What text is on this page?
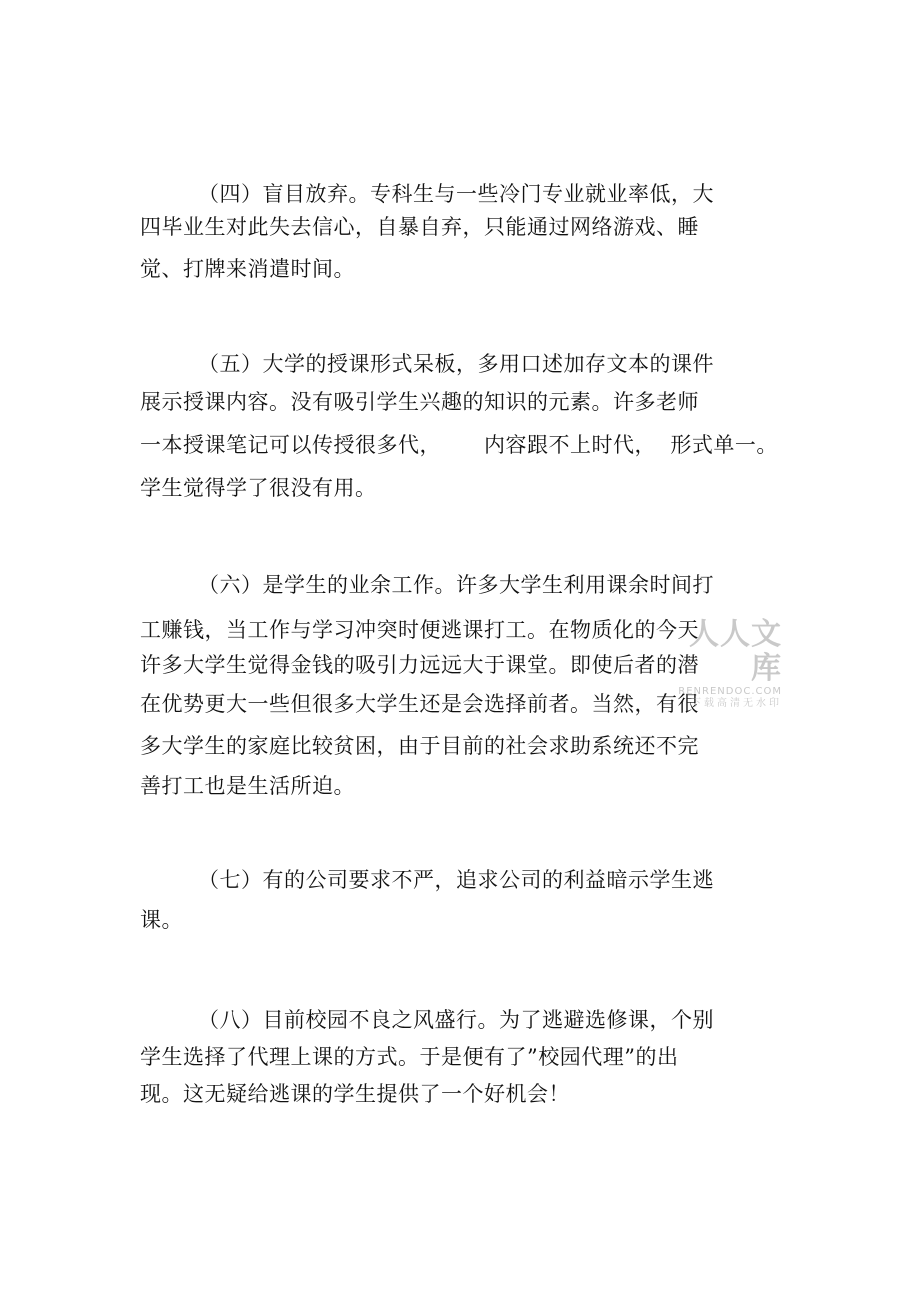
（四）盲目放弃。专科生与一些冷门专业就业率低，大
四毕业生对此失去信心，自暴自弃，只能通过网络游戏、睡
觉、打牌来消遣时间。
（五）大学的授课形式呆板，多用口述加存文本的课件
展示授课内容。没有吸引学生兴趣的知识的元素。许多老师
一本授课笔记可以传授很多代，      内容跟不上时代，  形式单一。
学生觉得学了很没有用。
（六）是学生的业余工作。许多大学生利用课余时间打
工赚钱，当工作与学习冲突时便逃课打工。在物质化的今天
许多大学生觉得金钱的吸引力远远大于课堂。即使后者的潜
在优势更大一些但很多大学生还是会选择前者。当然，有很
多大学生的家庭比较贫困，由于目前的社会求助系统还不完
善打工也是生活所迫。
（七）有的公司要求不严，追求公司的利益暗示学生逃
课。
（八）目前校园不良之风盛行。为了逃避选修课，个别
学生选择了代理上课的方式。于是便有了”校园代理”的出
现。这无疑给逃课的学生提供了一个好机会！
人人文库
RENRENDOC.COM
下载高清无水印
